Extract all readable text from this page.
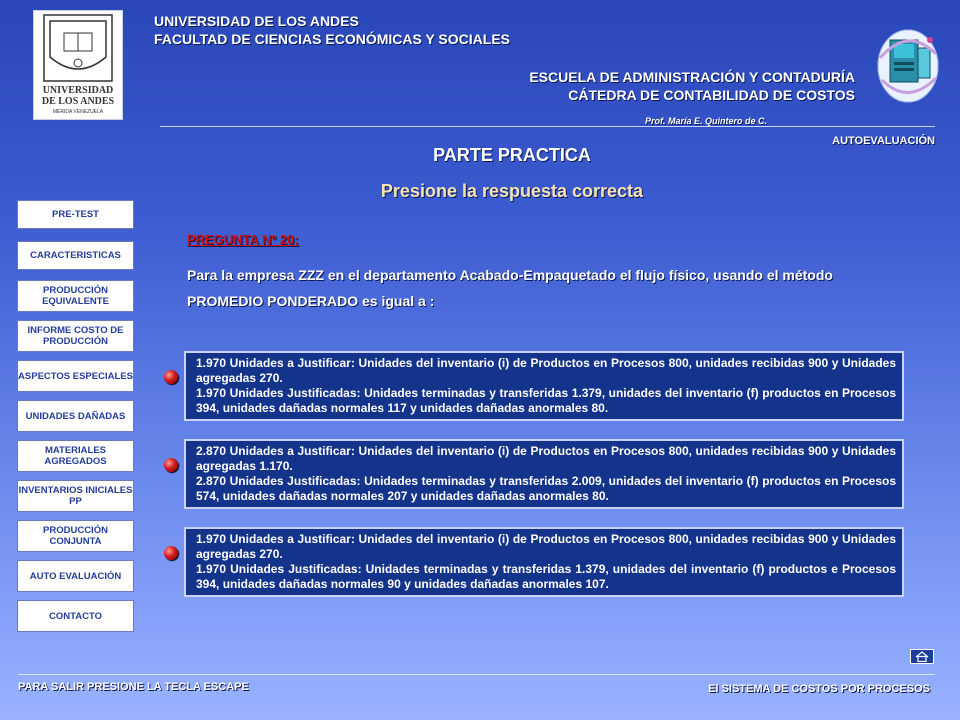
UNIVERSIDAD
DE LOS ANDES
MÉRIDA VENEZUELA
UNIVERSIDAD DE LOS ANDES
FACULTAD DE CIENCIAS ECONÓMICAS Y SOCIALES
ESCUELA DE ADMINISTRACIÓN Y CONTADURÍA
CÁTEDRA DE CONTABILIDAD DE COSTOS
Prof. María E. Quintero de C.
AUTOEVALUACIÓN
PARTE PRACTICA
Presione la respuesta correcta
PRE-TEST
CARACTERISTICAS
PRODUCCIÓN EQUIVALENTE
INFORME COSTO DE PRODUCCIÓN
ASPECTOS ESPECIALES
UNIDADES DAÑADAS
MATERIALES AGREGADOS
INVENTARIOS INICIALES PP
PRODUCCIÓN CONJUNTA
AUTO EVALUACIÓN
CONTACTO
PREGUNTA Nº 20:
Para la empresa ZZZ en el departamento Acabado-Empaquetado el flujo físico, usando el método PROMEDIO PONDERADO es igual a :
1.970 Unidades a Justificar: Unidades del inventario (i) de Productos en Procesos 800, unidades recibidas 900 y Unidades agregadas 270.
1.970 Unidades Justificadas: Unidades terminadas y transferidas 1.379, unidades del inventario (f) productos en Procesos 394, unidades dañadas normales 117 y unidades dañadas anormales 80.
2.870 Unidades a Justificar: Unidades del inventario (i) de Productos en Procesos 800, unidades recibidas 900 y Unidades agregadas 1.170.
2.870 Unidades Justificadas: Unidades terminadas y transferidas 2.009, unidades del inventario (f) productos en Procesos 574, unidades dañadas normales 207 y unidades dañadas anormales 80.
1.970 Unidades a Justificar: Unidades del inventario (i) de Productos en Procesos 800, unidades recibidas 900 y Unidades agregadas 270.
1.970 Unidades Justificadas: Unidades terminadas y transferidas 1.379, unidades del inventario (f) productos e Procesos 394, unidades dañadas normales 90 y unidades dañadas anormales 107.
PARA SALIR PRESIONE LA TECLA ESCAPE	El SISTEMA DE COSTOS POR PROCESOS
